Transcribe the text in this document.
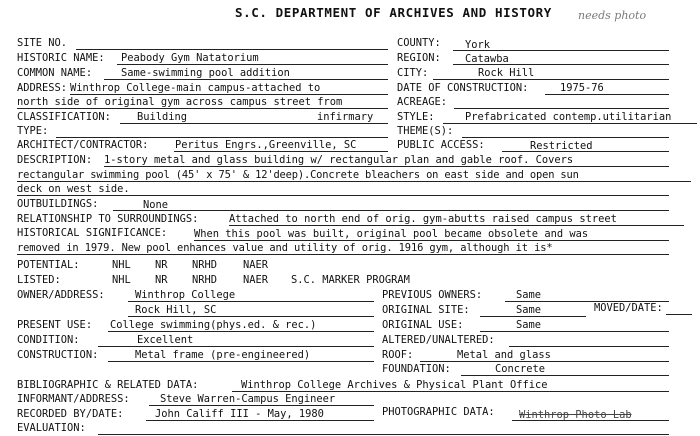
S.C. DEPARTMENT OF ARCHIVES AND HISTORY needs photo
SITE NO.	COUNTY: York
HISTORIC NAME: Peabody Gym Natatorium	REGION: Catawba
COMMON NAME:	Same-swimming pool addition	CITY:	Rock Hill
ADDRESS: Winthrop College-main campus-attached to	DATE OF CONSTRUCTION:	1975-76
north side of original gym across campus street from	ACREAGE:
CLASSIFICATION:	Building	infirmary STYLE:	Prefabricated contemp.utilitarian
TYPE:	THEME(S):
ARCHITECT/CONTRACTOR:	Peritus Engrs.,Greenville, SC	PUBLIC ACCESS:	Restricted
DESCRIPTION: 1-story metal and glass building w/ rectangular plan and gable roof. Covers
rectangular swimming pool (45' x 75' & 12'deep).Concrete bleachers on east side and open sun
deck on west side.
OUTBUILDINGS:	None
RELATIONSHIP TO SURROUNDINGS:	Attached to north end of orig. gym-abutts raised campus street
HISTORICAL SIGNIFICANCE:	When this pool was built, original pool became obsolete and was
removed in 1979. New pool enhances value and utility of orig. 1916 gym, although it is*
POTENTIAL:	NHL NR NRHD NAER
LISTED:	NHL NR NRHD NAER S.C. MARKER PROGRAM
OWNER/ADDRESS:	Winthrop College	PREVIOUS OWNERS:	Same
Rock Hill, SC	ORIGINAL SITE:	Same	MOVED/DATE:
PRESENT USE: College swimming(phys.ed. & rec.)	ORIGINAL USE:	Same
CONDITION:	Excellent	ALTERED/UNALTERED:
CONSTRUCTION:	Metal frame (pre-engineered)	ROOF:	Metal and glass
FOUNDATION:	Concrete
BIBLIOGRAPHIC & RELATED DATA:	Winthrop College Archives & Physical Plant Office
INFORMANT/ADDRESS:	Steve Warren-Campus Engineer
RECORDED BY/DATE:	John Califf III - May, 1980	PHOTOGRAPHIC DATA: Winthrop Photo Lab
EVALUATION:
